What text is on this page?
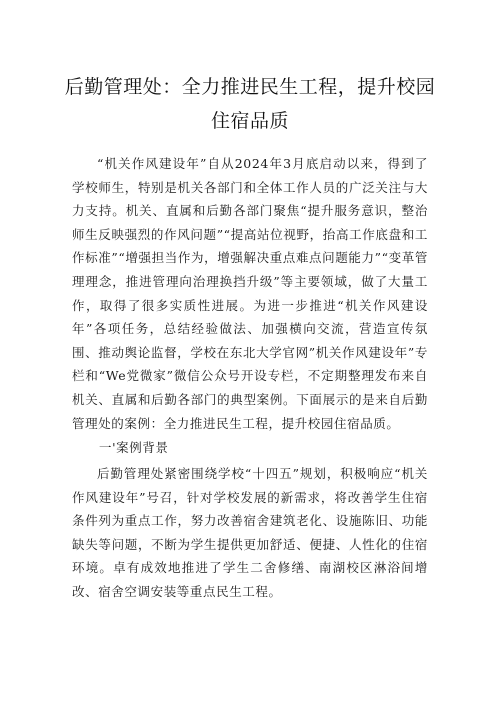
后勤管理处：全力推进民生工程，提升校园住宿品质

“机关作风建设年”自从2024年3月底启动以来，得到了学校师生，特别是机关各部门和全体工作人员的广泛关注与大力支持。机关、直属和后勤各部门聚焦“提升服务意识，整治师生反映强烈的作风问题”“提高站位视野，抬高工作底盘和工作标准”“增强担当作为，增强解决重点难点问题能力”“变革管理理念，推进管理向治理换挡升级”等主要领域，做了大量工作，取得了很多实质性进展。为进一步推进“机关作风建设年”各项任务，总结经验做法、加强横向交流，营造宣传氛围、推动舆论监督，学校在东北大学官网”机关作风建设年”专栏和“We党微家”微信公众号开设专栏，不定期整理发布来自机关、直属和后勤各部门的典型案例。下面展示的是来自后勤管理处的案例：全力推进民生工程，提升校园住宿品质。

一'案例背景

后勤管理处紧密围绕学校“十四五”规划，积极响应“机关作风建设年”号召，针对学校发展的新需求，将改善学生住宿条件列为重点工作，努力改善宿舍建筑老化、设施陈旧、功能缺失等问题，不断为学生提供更加舒适、便捷、人性化的住宿环境。卓有成效地推进了学生二舍修缮、南湖校区淋浴间增改、宿舍空调安装等重点民生工程。
